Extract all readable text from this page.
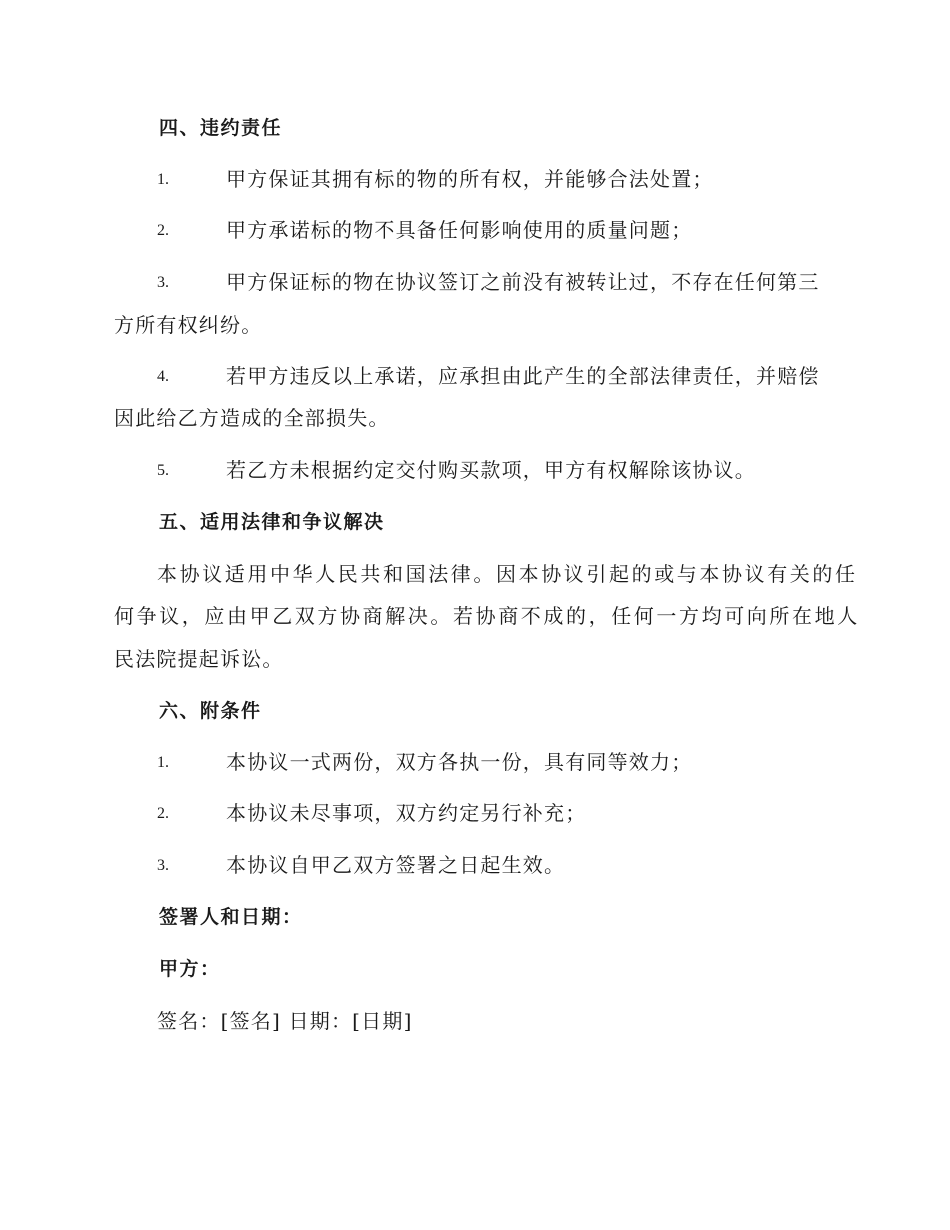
四、违约责任
1.	甲方保证其拥有标的物的所有权，并能够合法处置；
2.	甲方承诺标的物不具备任何影响使用的质量问题；
3.	甲方保证标的物在协议签订之前没有被转让过，不存在任何第三
方所有权纠纷。
4.	若甲方违反以上承诺，应承担由此产生的全部法律责任，并赔偿
因此给乙方造成的全部损失。
5.	若乙方未根据约定交付购买款项，甲方有权解除该协议。
五、适用法律和争议解决
本协议适用中华人民共和国法律。因本协议引起的或与本协议有关的任
何争议，应由甲乙双方协商解决。若协商不成的，任何一方均可向所在地人
民法院提起诉讼。
六、附条件
1.	本协议一式两份，双方各执一份，具有同等效力；
2.	本协议未尽事项，双方约定另行补充；
3.	本协议自甲乙双方签署之日起生效。
签署人和日期：
甲方：
签名：[签名] 日期：[日期]
